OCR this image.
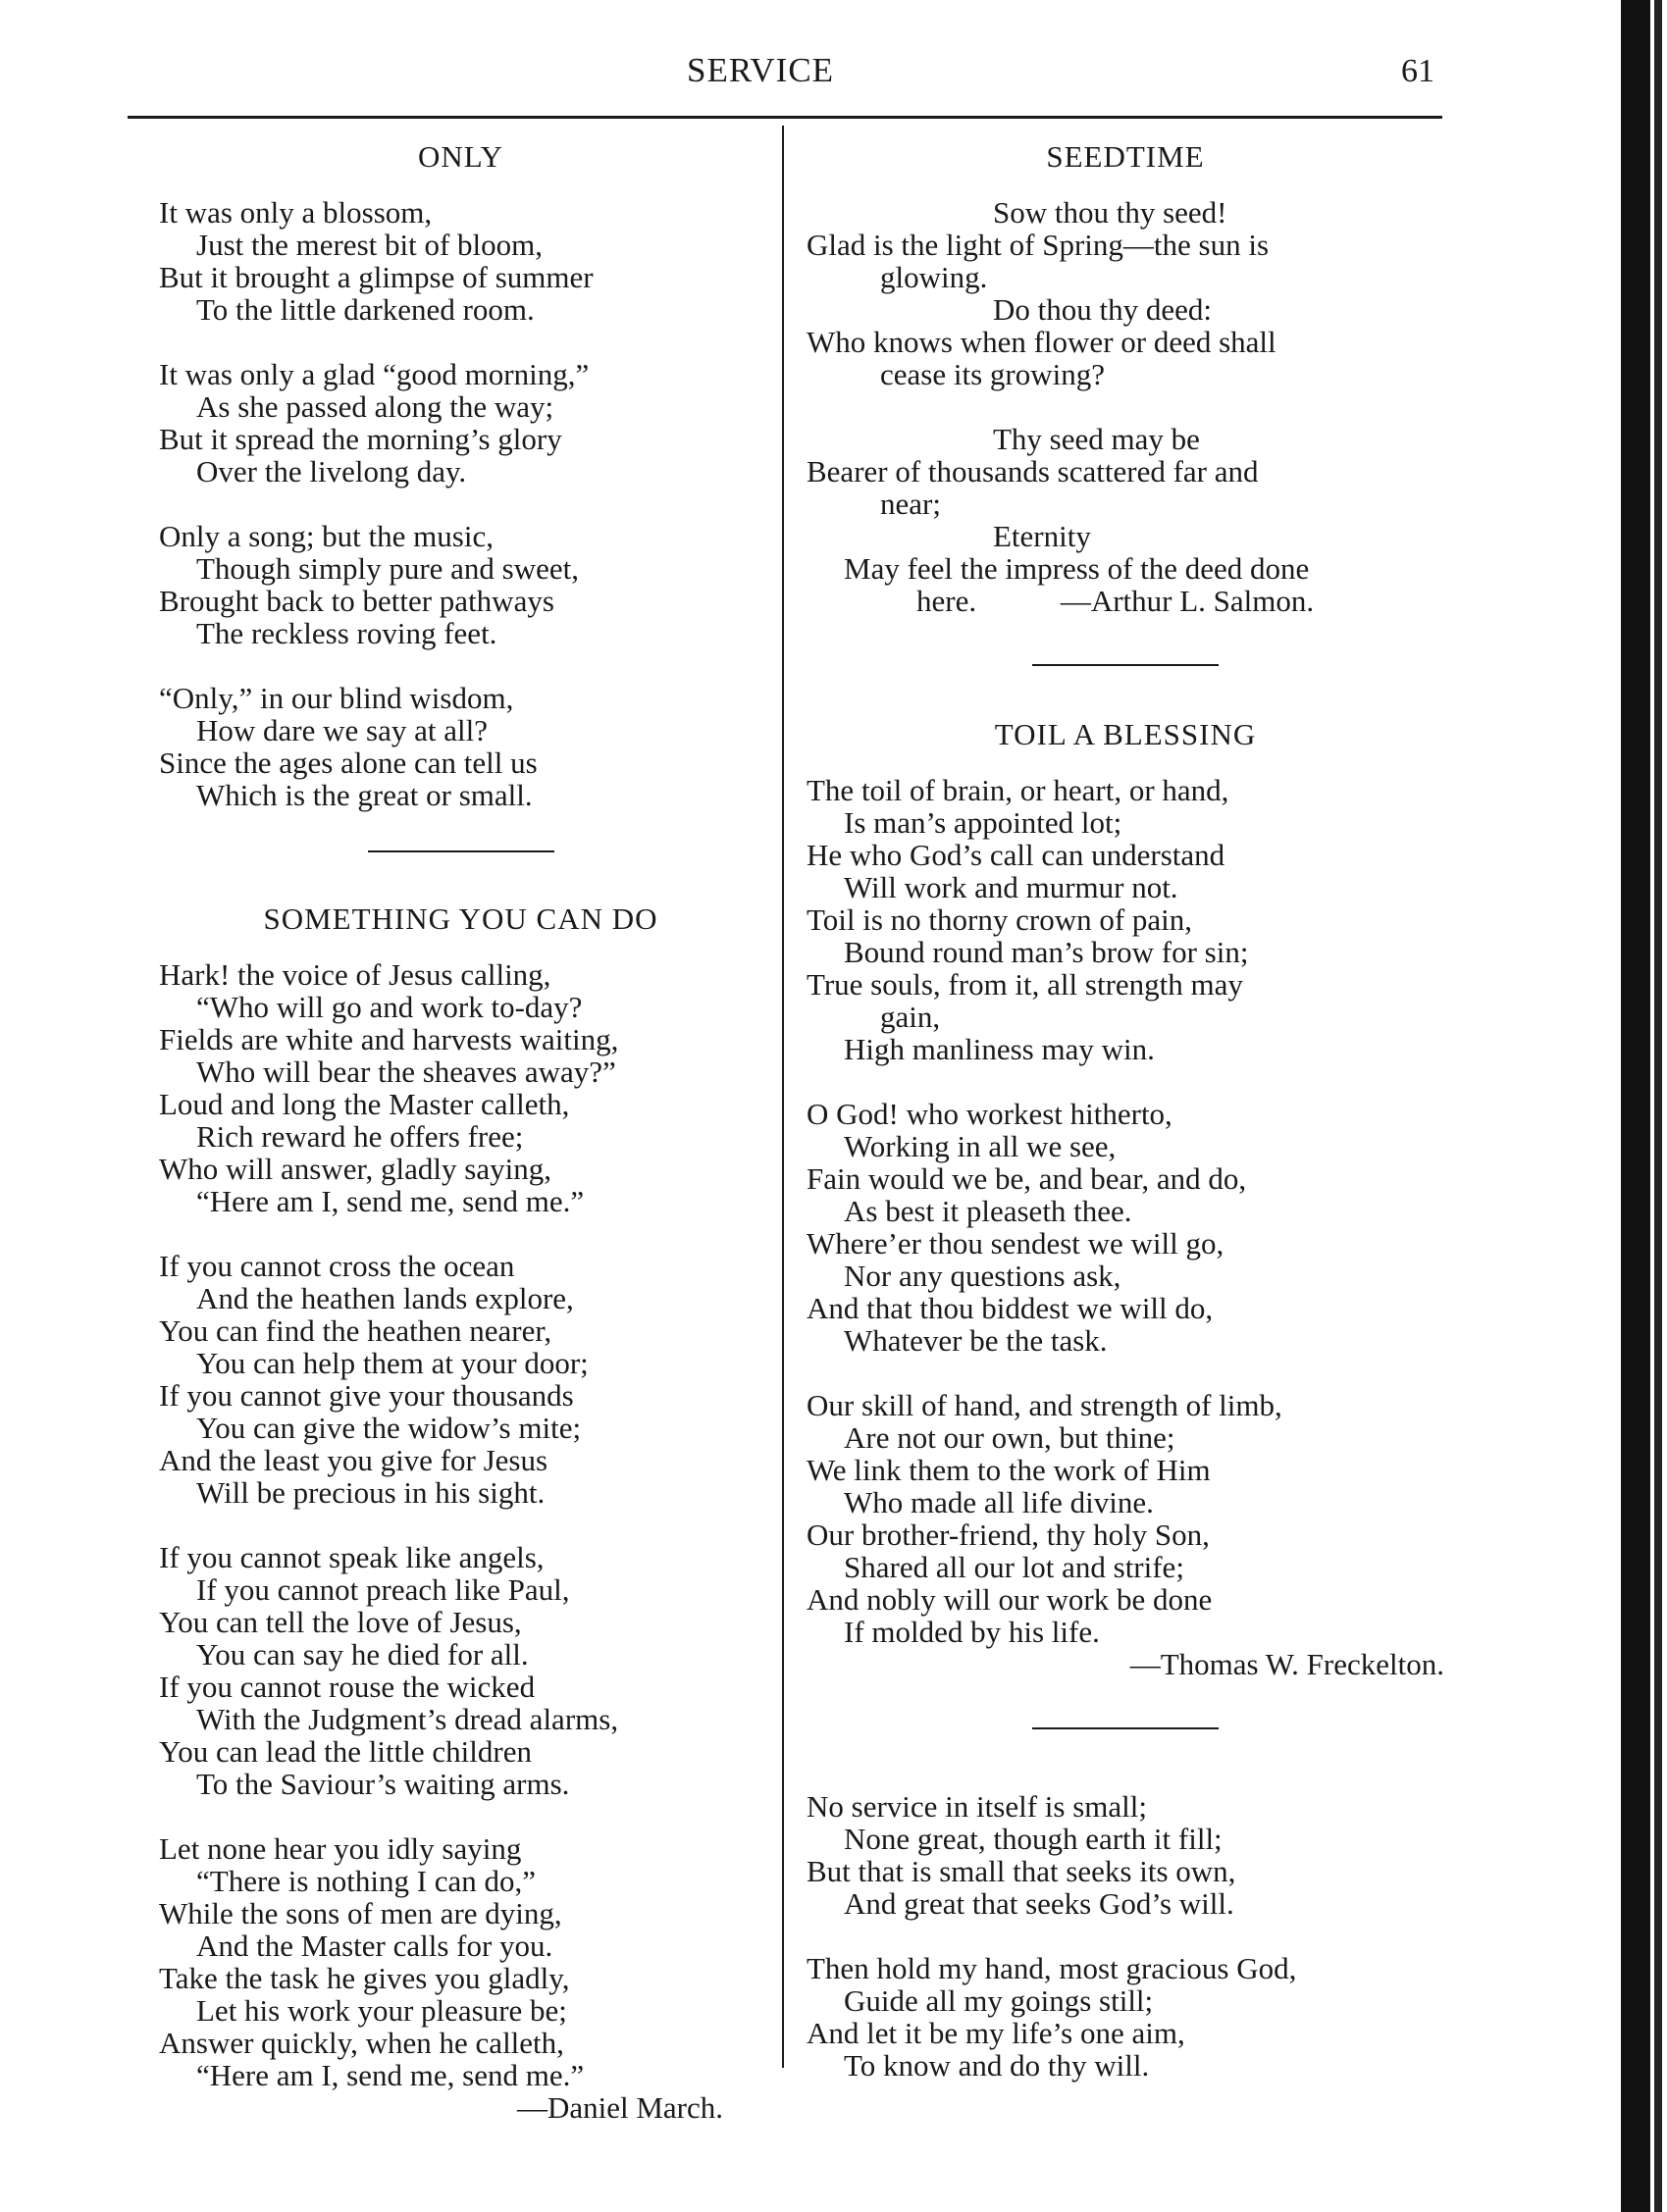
SERVICE	61
ONLY
It was only a blossom,
Just the merest bit of bloom,
But it brought a glimpse of summer
To the little darkened room.
It was only a glad “good morning,”
As she passed along the way;
But it spread the morning’s glory
Over the livelong day.
Only a song; but the music,
Though simply pure and sweet,
Brought back to better pathways
The reckless roving feet.
“Only,” in our blind wisdom,
How dare we say at all?
Since the ages alone can tell us
Which is the great or small.
SOMETHING YOU CAN DO
Hark! the voice of Jesus calling,
“Who will go and work to-day?
Fields are white and harvests waiting,
Who will bear the sheaves away?”
Loud and long the Master calleth,
Rich reward he offers free;
Who will answer, gladly saying,
“Here am I, send me, send me.”
If you cannot cross the ocean
And the heathen lands explore,
You can find the heathen nearer,
You can help them at your door;
If you cannot give your thousands
You can give the widow’s mite;
And the least you give for Jesus
Will be precious in his sight.
If you cannot speak like angels,
If you cannot preach like Paul,
You can tell the love of Jesus,
You can say he died for all.
If you cannot rouse the wicked
With the Judgment’s dread alarms,
You can lead the little children
To the Saviour’s waiting arms.
Let none hear you idly saying
“There is nothing I can do,”
While the sons of men are dying,
And the Master calls for you.
Take the task he gives you gladly,
Let his work your pleasure be;
Answer quickly, when he calleth,
“Here am I, send me, send me.”
—Daniel March.
SEEDTIME
Sow thou thy seed!
Glad is the light of Spring—the sun is
glowing.
Do thou thy deed:
Who knows when flower or deed shall
cease its growing?
Thy seed may be
Bearer of thousands scattered far and
near;
Eternity
May feel the impress of the deed done
here.	—Arthur L. Salmon.
TOIL A BLESSING
The toil of brain, or heart, or hand,
Is man’s appointed lot;
He who God’s call can understand
Will work and murmur not.
Toil is no thorny crown of pain,
Bound round man’s brow for sin;
True souls, from it, all strength may
gain,
High manliness may win.
O God! who workest hitherto,
Working in all we see,
Fain would we be, and bear, and do,
As best it pleaseth thee.
Where’er thou sendest we will go,
Nor any questions ask,
And that thou biddest we will do,
Whatever be the task.
Our skill of hand, and strength of limb,
Are not our own, but thine;
We link them to the work of Him
Who made all life divine.
Our brother-friend, thy holy Son,
Shared all our lot and strife;
And nobly will our work be done
If molded by his life.
—Thomas W. Freckelton.
No service in itself is small;
None great, though earth it fill;
But that is small that seeks its own,
And great that seeks God’s will.
Then hold my hand, most gracious God,
Guide all my goings still;
And let it be my life’s one aim,
To know and do thy will.
